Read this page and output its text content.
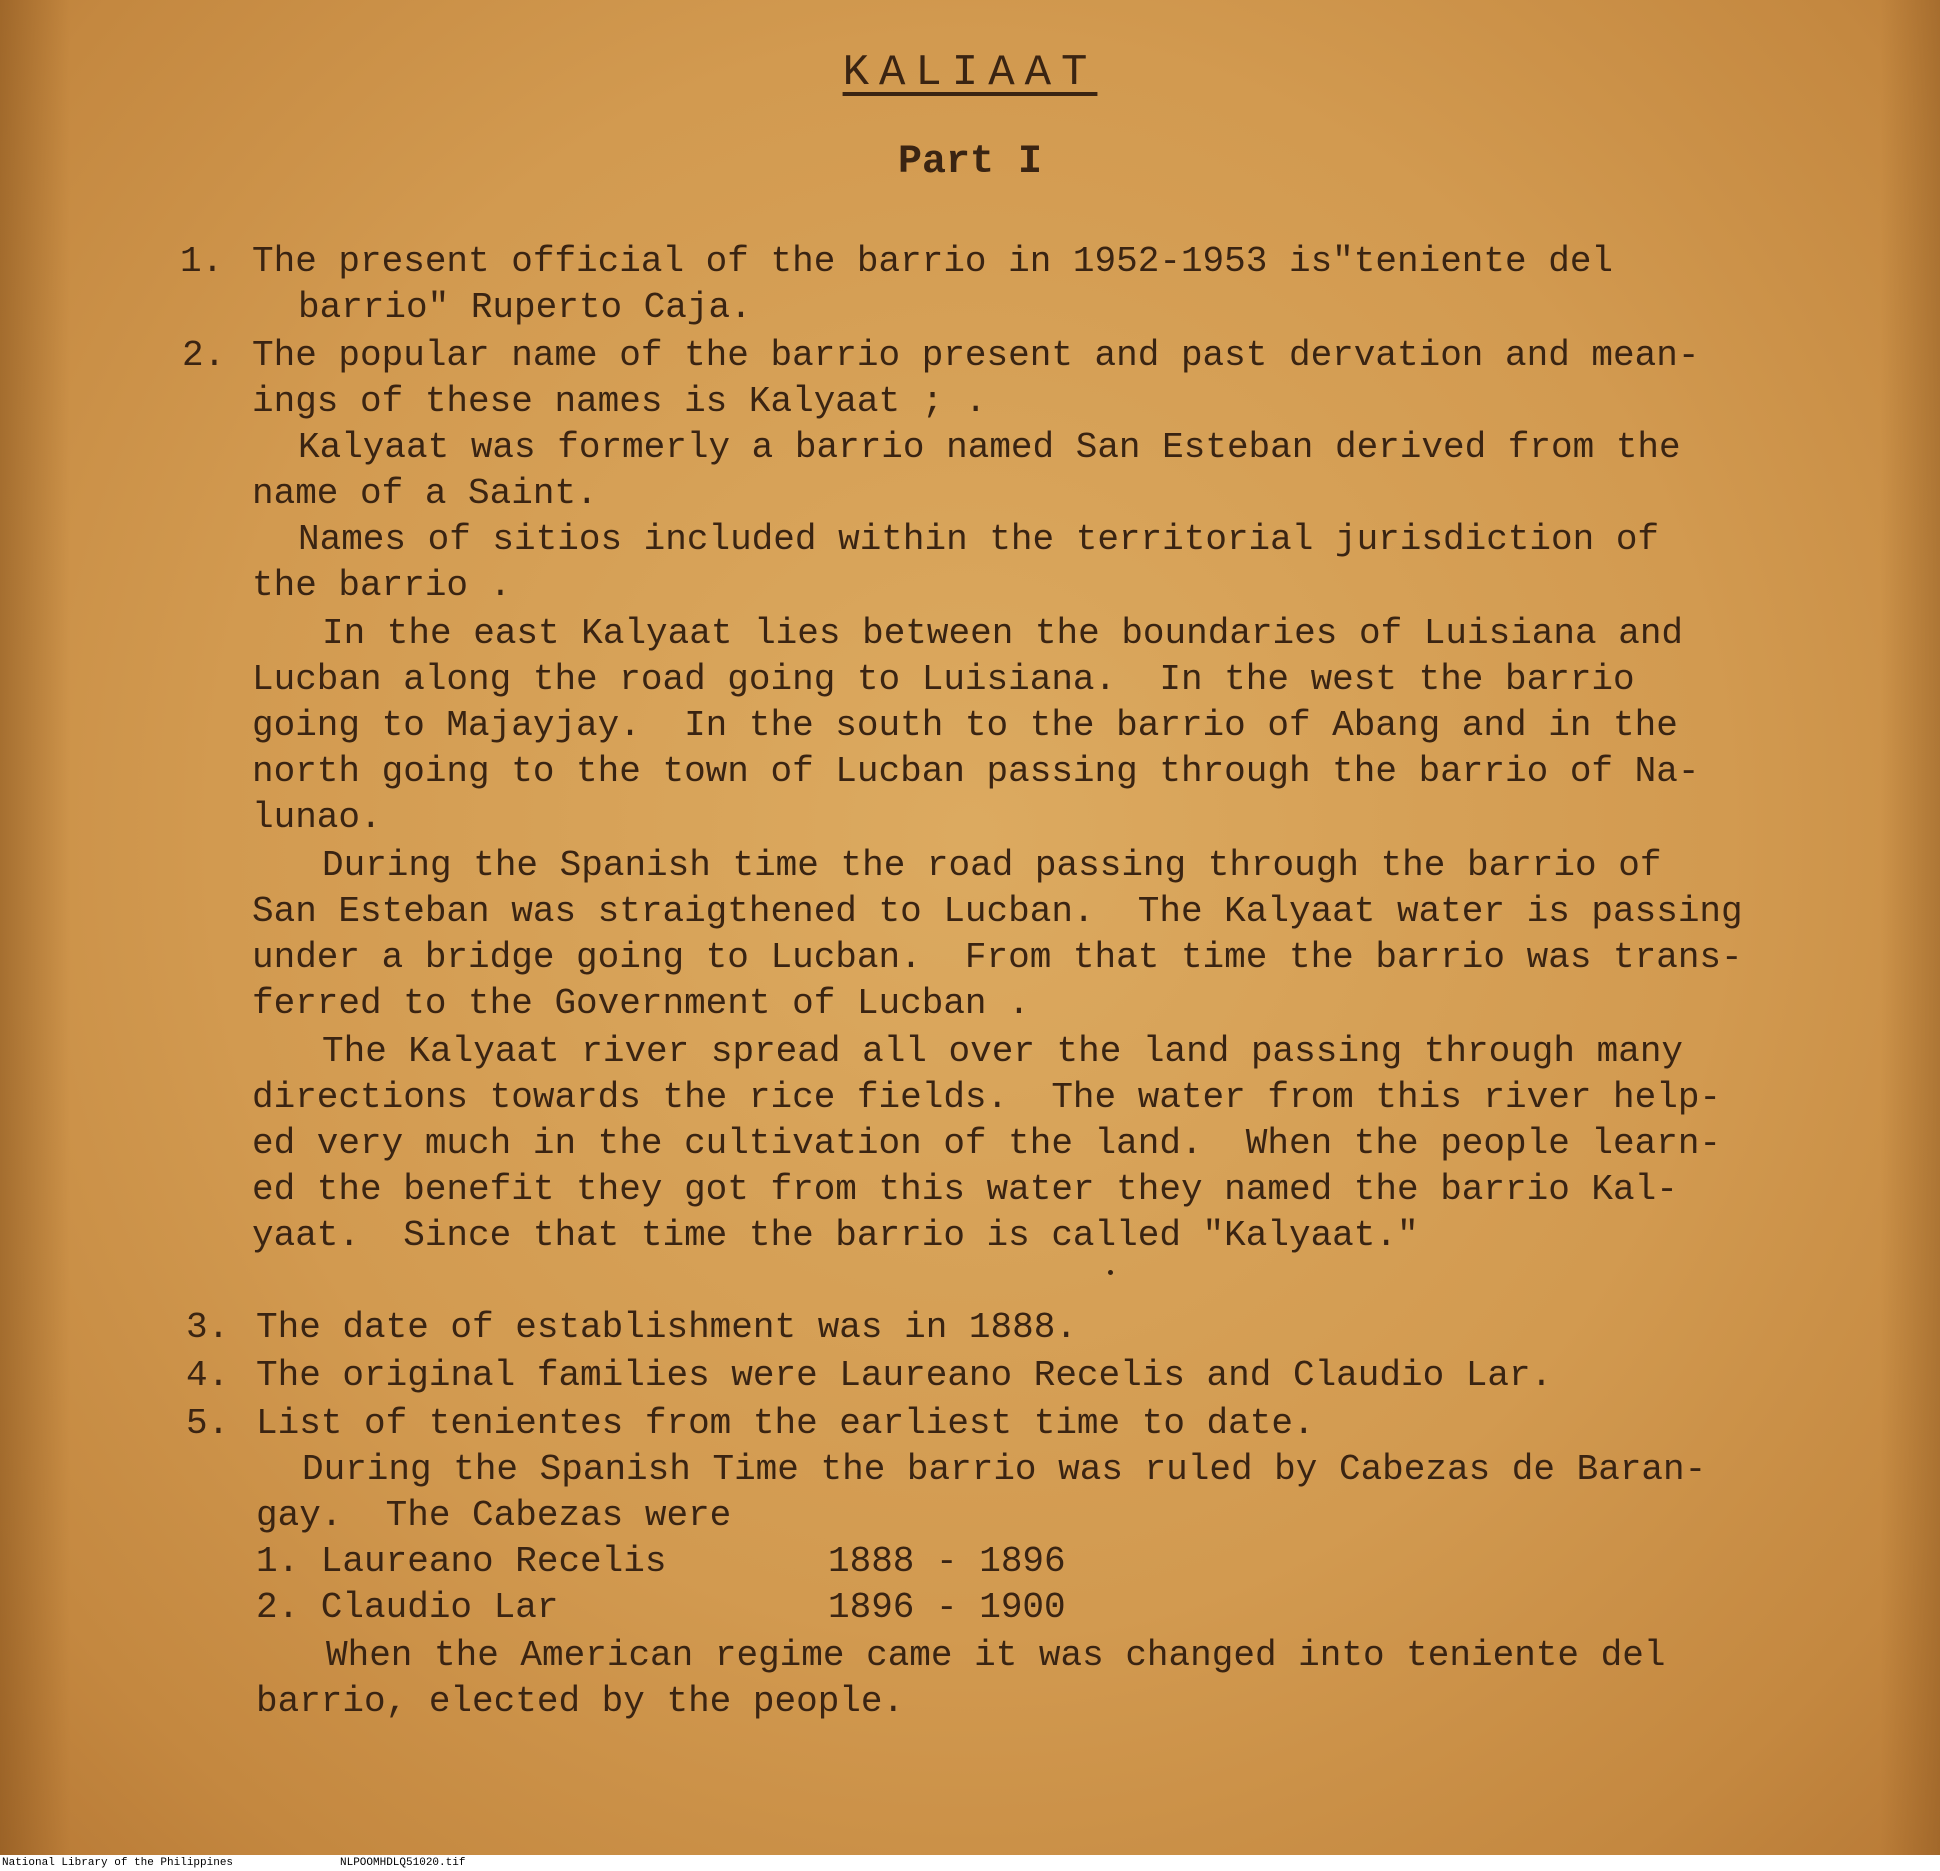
KALIAAT
Part I
1. The present official of the barrio in 1952-1953 is"teniente del
barrio" Ruperto Caja.
2. The popular name of the barrio present and past dervation and mean-
ings of these names is Kalyaat ; .
Kalyaat was formerly a barrio named San Esteban derived from the
name of a Saint.
Names of sitios included within the territorial jurisdiction of
the barrio .
In the east Kalyaat lies between the boundaries of Luisiana and
Lucban along the road going to Luisiana.  In the west the barrio
going to Majayjay.  In the south to the barrio of Abang and in the
north going to the town of Lucban passing through the barrio of Na-
lunao.
During the Spanish time the road passing through the barrio of
San Esteban was straigthened to Lucban.  The Kalyaat water is passing
under a bridge going to Lucban.  From that time the barrio was trans-
ferred to the Government of Lucban .
The Kalyaat river spread all over the land passing through many
directions towards the rice fields.  The water from this river help-
ed very much in the cultivation of the land.  When the people learn-
ed the benefit they got from this water they named the barrio Kal-
yaat.  Since that time the barrio is called "Kalyaat."
3. The date of establishment was in 1888.
4. The original families were Laureano Recelis and Claudio Lar.
5. List of tenientes from the earliest time to date.
During the Spanish Time the barrio was ruled by Cabezas de Baran-
gay.  The Cabezas were
1. Laureano Recelis	1888 - 1896
2. Claudio Lar	1896 - 1900
When the American regime came it was changed into teniente del
barrio, elected by the people.
National Library of the Philippines	NLPOOMHDLQ51020.tif
